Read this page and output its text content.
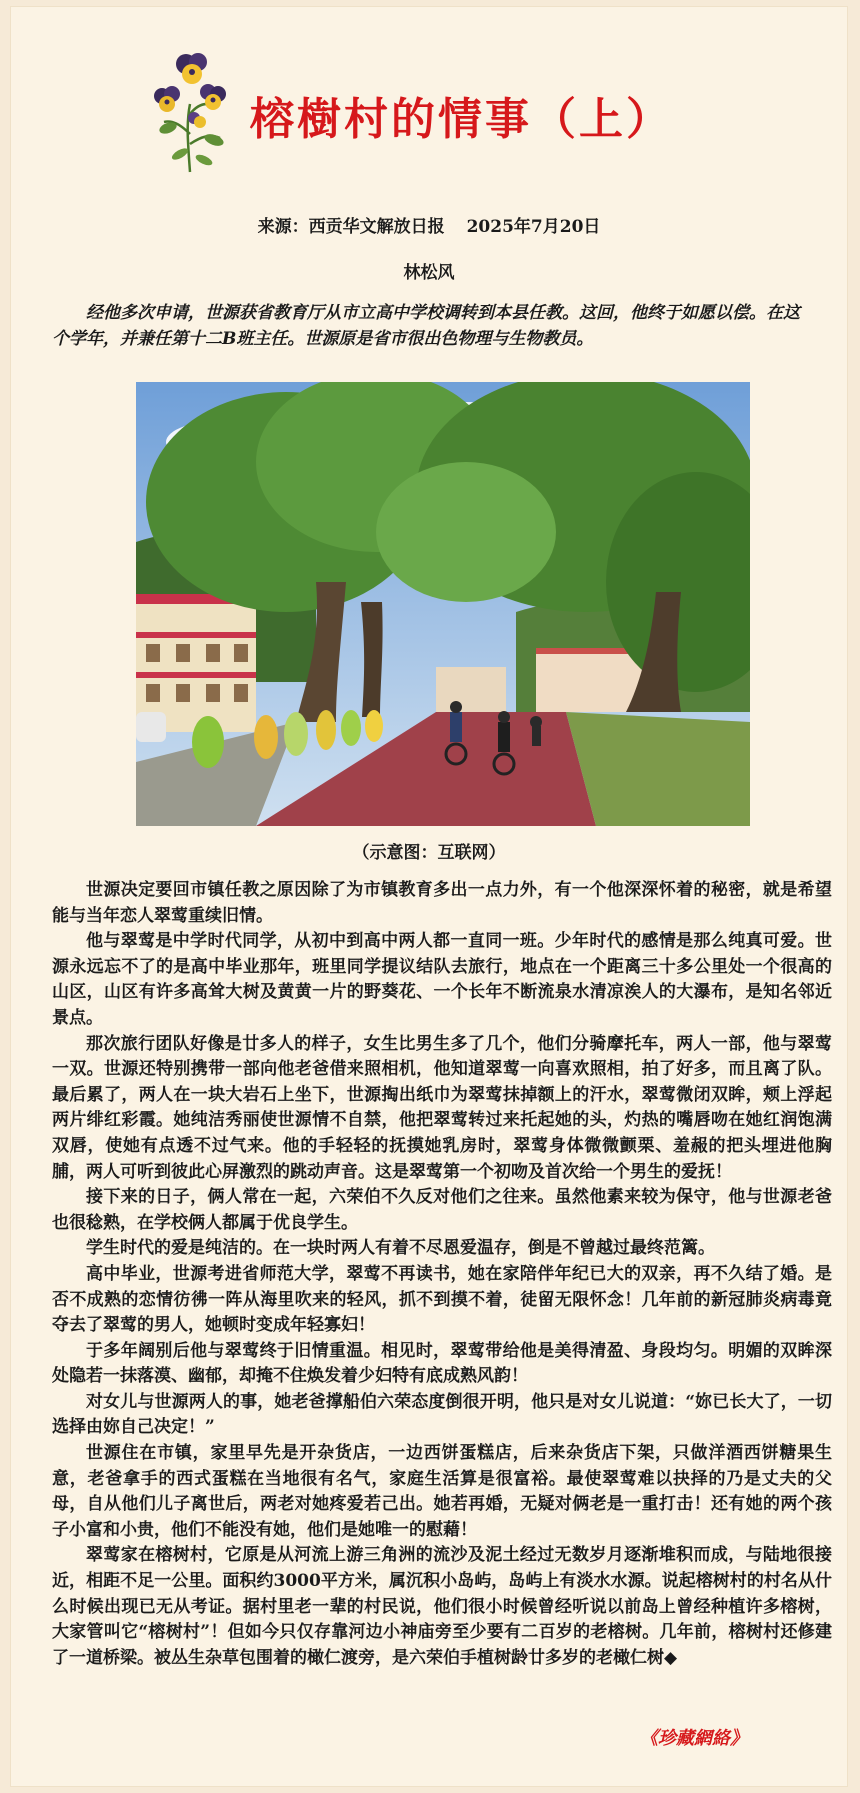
榕樹村的情事（上）
来源：西贡华文解放日报 2025年7月20日
林松风
经他多次申请，世源获省教育厅从市立高中学校调转到本县任教。这回，他终于如愿以偿。在这个学年，并兼任第十二B班主任。世源原是省市很出色物理与生物教员。
（示意图：互联网）

世源决定要回市镇任教之原因除了为市镇教育多出一点力外，有一个他深深怀着的秘密，就是希望能与当年恋人翠莺重续旧情。

他与翠莺是中学时代同学，从初中到高中两人都一直同一班。少年时代的感情是那么纯真可爱。世源永远忘不了的是高中毕业那年，班里同学提议结队去旅行，地点在一个距离三十多公里处一个很高的山区，山区有许多高耸大树及黄黄一片的野葵花、一个长年不断流泉水清凉涘人的大瀑布，是知名邻近景点。

那次旅行团队好像是廿多人的样子，女生比男生多了几个，他们分骑摩托车，两人一部，他与翠莺一双。世源还特别携带一部向他老爸借来照相机，他知道翠莺一向喜欢照相，拍了好多，而且离了队。最后累了，两人在一块大岩石上坐下，世源掏出纸巾为翠莺抹掉额上的汗水，翠莺微闭双眸，颊上浮起两片绯红彩霞。她纯洁秀丽使世源情不自禁，他把翠莺转过来托起她的头，灼热的嘴唇吻在她红润饱满双唇，使她有点透不过气来。他的手轻轻的抚摸她乳房时，翠莺身体微微颤栗、羞赧的把头埋进他胸脯，两人可听到彼此心屏激烈的跳动声音。这是翠莺第一个初吻及首次给一个男生的爱抚！

接下来的日子，俩人常在一起，六荣伯不久反对他们之往来。虽然他素来较为保守，他与世源老爸也很稔熟，在学校俩人都属于优良学生。

学生时代的爱是纯洁的。在一块时两人有着不尽恩爱温存，倒是不曾越过最终范篱。

高中毕业，世源考进省师范大学，翠莺不再读书，她在家陪伴年纪已大的双亲，再不久结了婚。是否不成熟的恋情彷彿一阵从海里吹来的轻风，抓不到摸不着，徒留无限怀念！几年前的新冠肺炎病毒竟夺去了翠莺的男人，她顿时变成年轻寡妇！

于多年阔别后他与翠莺终于旧情重温。相见时，翠莺带给他是美得清盈、身段均匀。明媚的双眸深处隐若一抹落漠、幽郁，却掩不住焕发着少妇特有底成熟风韵！

对女儿与世源两人的事，她老爸撑船伯六荣态度倒很开明，他只是对女儿说道：“妳已长大了，一切选择由妳自己决定！”

世源住在市镇，家里早先是开杂货店，一边西饼蛋糕店，后来杂货店下架，只做洋酒西饼糖果生意，老爸拿手的西式蛋糕在当地很有名气，家庭生活算是很富裕。最使翠莺难以抉择的乃是丈夫的父母，自从他们儿子离世后，两老对她疼爱若己出。她若再婚，无疑对俩老是一重打击！还有她的两个孩子小富和小贵，他们不能没有她，他们是她唯一的慰藉！

翠莺家在榕树村，它原是从河流上游三角洲的流沙及泥土经过无数岁月逐渐堆积而成，与陆地很接近，相距不足一公里。面积约3000平方米，属沉积小岛屿，岛屿上有淡水水源。说起榕树村的村名从什么时候出现已无从考证。据村里老一辈的村民说，他们很小时候曾经听说以前岛上曾经种植许多榕树，大家管叫它“榕树村”！但如今只仅存靠河边小神庙旁至少要有二百岁的老榕树。几年前，榕树村还修建了一道桥梁。被丛生杂草包围着的橄仁渡旁，是六荣伯手植树龄廿多岁的老橄仁树◆

《珍藏網絡》
